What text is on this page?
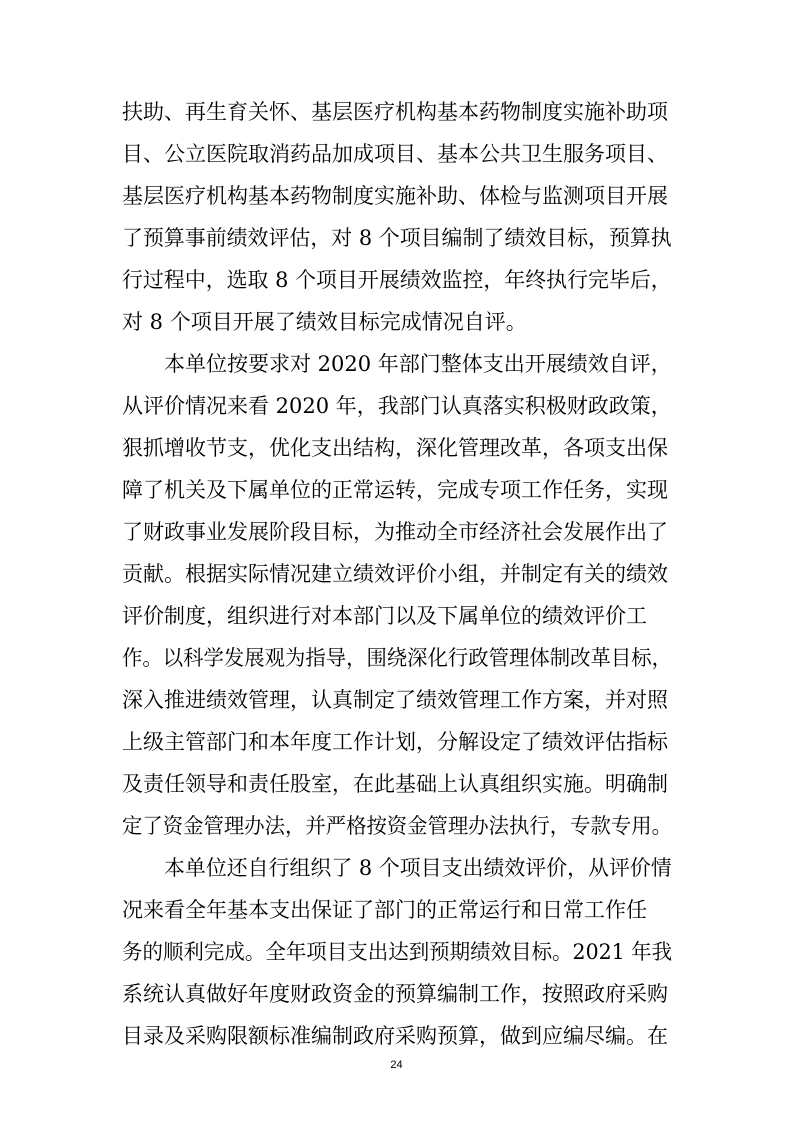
扶助、再生育关怀、基层医疗机构基本药物制度实施补助项
目、公立医院取消药品加成项目、基本公共卫生服务项目、
基层医疗机构基本药物制度实施补助、体检与监测项目开展
了预算事前绩效评估，对 8 个项目编制了绩效目标，预算执
行过程中，选取 8 个项目开展绩效监控，年终执行完毕后，
对 8 个项目开展了绩效目标完成情况自评。
本单位按要求对 2020 年部门整体支出开展绩效自评，
从评价情况来看 2020 年，我部门认真落实积极财政政策，
狠抓增收节支，优化支出结构，深化管理改革，各项支出保
障了机关及下属单位的正常运转，完成专项工作任务，实现
了财政事业发展阶段目标，为推动全市经济社会发展作出了
贡献。根据实际情况建立绩效评价小组，并制定有关的绩效
评价制度，组织进行对本部门以及下属单位的绩效评价工
作。以科学发展观为指导，围绕深化行政管理体制改革目标，
深入推进绩效管理，认真制定了绩效管理工作方案，并对照
上级主管部门和本年度工作计划，分解设定了绩效评估指标
及责任领导和责任股室，在此基础上认真组织实施。明确制
定了资金管理办法，并严格按资金管理办法执行，专款专用。
本单位还自行组织了 8 个项目支出绩效评价，从评价情
况来看全年基本支出保证了部门的正常运行和日常工作任
务的顺利完成。全年项目支出达到预期绩效目标。2021 年我
系统认真做好年度财政资金的预算编制工作，按照政府采购
目录及采购限额标准编制政府采购预算，做到应编尽编。在
24
